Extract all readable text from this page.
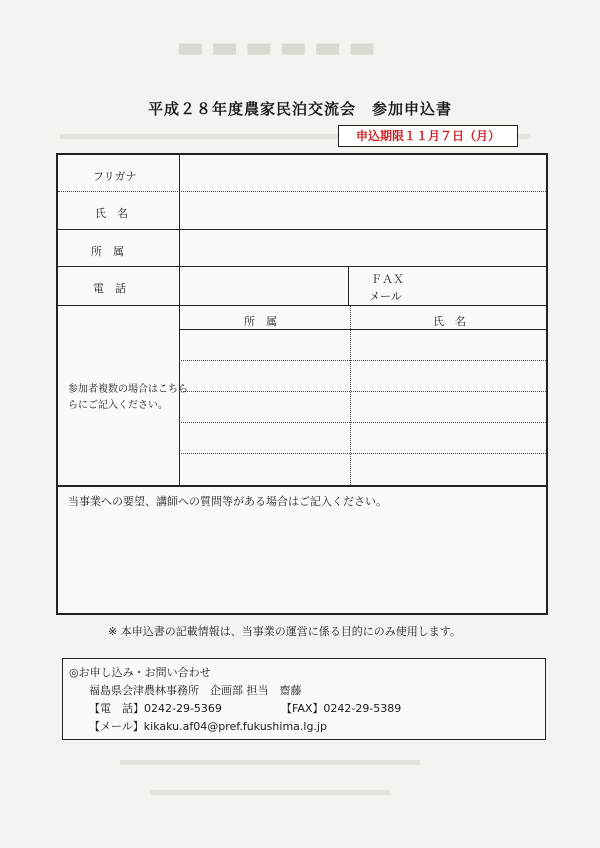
▬▬▬▬▬▬
平成２８年度農家民泊交流会　参加申込書
申込期限１１月７日（月）
フリガナ
氏　名
所　属
電　話
ＦＡＸ
メール
所　属	氏　名
参加者複数の場合はこちら
らにご記入ください。
当事業への要望、講師への質問等がある場合はご記入ください。
※ 本申込書の記載情報は、当事業の運営に係る目的にのみ使用します。
◎お申し込み・お問い合わせ
福島県会津農林事務所　企画部 担当　齋藤
【電　話】0242-29-5369	【FAX】0242-29-5389
【メール】kikaku.af04@pref.fukushima.lg.jp
